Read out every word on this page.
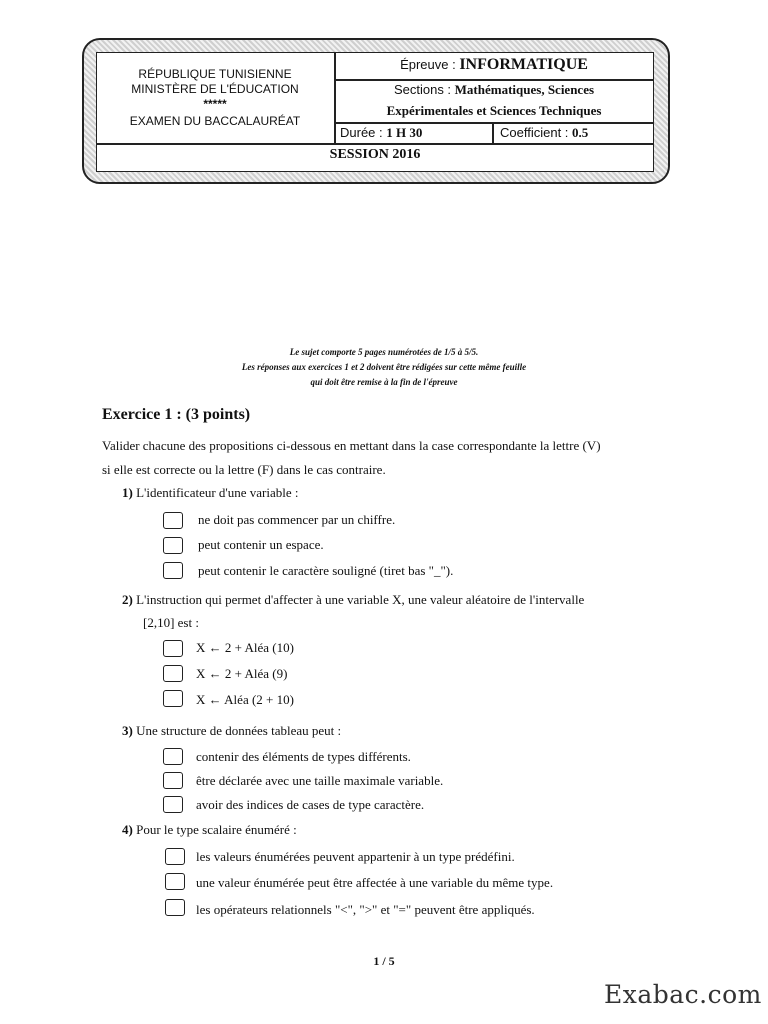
RÉPUBLIQUE TUNISIENNE
MINISTÈRE DE L'ÉDUCATION
*****
EXAMEN DU BACCALAURÉAT
Épreuve : INFORMATIQUE
Sections : Mathématiques, Sciences
Expérimentales et Sciences Techniques
Durée : 1 H 30	Coefficient : 0.5
SESSION 2016
Le sujet comporte 5 pages numérotées de 1/5 à 5/5.
Les réponses aux exercices 1 et 2 doivent être rédigées sur cette même feuille
qui doit être remise à la fin de l'épreuve
Exercice 1 : (3 points)
Valider chacune des propositions ci-dessous en mettant dans la case correspondante la lettre (V)
si elle est correcte ou la lettre (F) dans le cas contraire.
1) L'identificateur d'une variable :
ne doit pas commencer par un chiffre.
peut contenir un espace.
peut contenir le caractère souligné (tiret bas "_").
2) L'instruction qui permet d'affecter à une variable X, une valeur aléatoire de l'intervalle
[2,10] est :
X ← 2 + Aléa (10)
X ← 2 + Aléa (9)
X ← Aléa (2 + 10)
3) Une structure de données tableau peut :
contenir des éléments de types différents.
être déclarée avec une taille maximale variable.
avoir des indices de cases de type caractère.
4) Pour le type scalaire énuméré :
les valeurs énumérées peuvent appartenir à un type prédéfini.
une valeur énumérée peut être affectée à une variable du même type.
les opérateurs relationnels "<", ">" et "=" peuvent être appliqués.
1 / 5
Exabac.com
